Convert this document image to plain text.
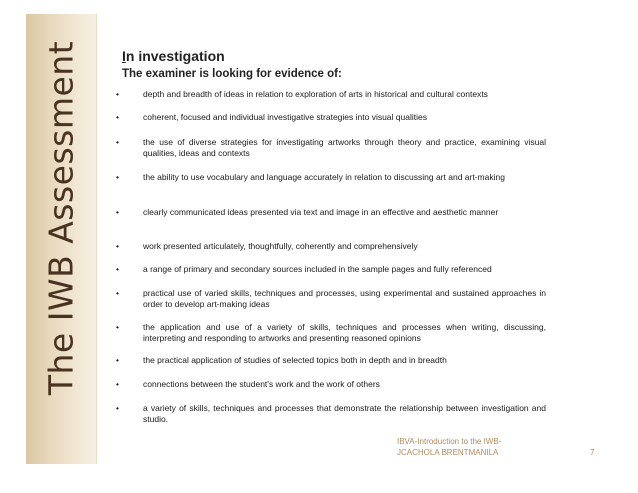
The IWB Assessment	In investigation

The examiner is looking for evidence of:

•	depth and breadth of ideas in relation to exploration of arts in historical and cultural contexts
•	coherent, focused and individual investigative strategies into visual qualities
•	the use of diverse strategies for investigating artworks through theory and practice, examining visual qualities, ideas and contexts
•	the ability to use vocabulary and language accurately in relation to discussing art and art-making
•	clearly communicated ideas presented via text and image in an effective and aesthetic manner
•	work presented articulately, thoughtfully, coherently and comprehensively
•	a range of primary and secondary sources included in the sample pages and fully referenced
•	practical use of varied skills, techniques and processes, using experimental and sustained approaches in order to develop art-making ideas
•	the application and use of a variety of skills, techniques and processes when writing, discussing, interpreting and responding to artworks and presenting reasoned opinions
•	the practical application of studies of selected topics both in depth and in breadth
•	connections between the student's work and the work of others
•	a variety of skills, techniques and processes that demonstrate the relationship between investigation and studio.
IBVA-Introduction to the IWB-
JCACHOLA BRENTMANILA	7
